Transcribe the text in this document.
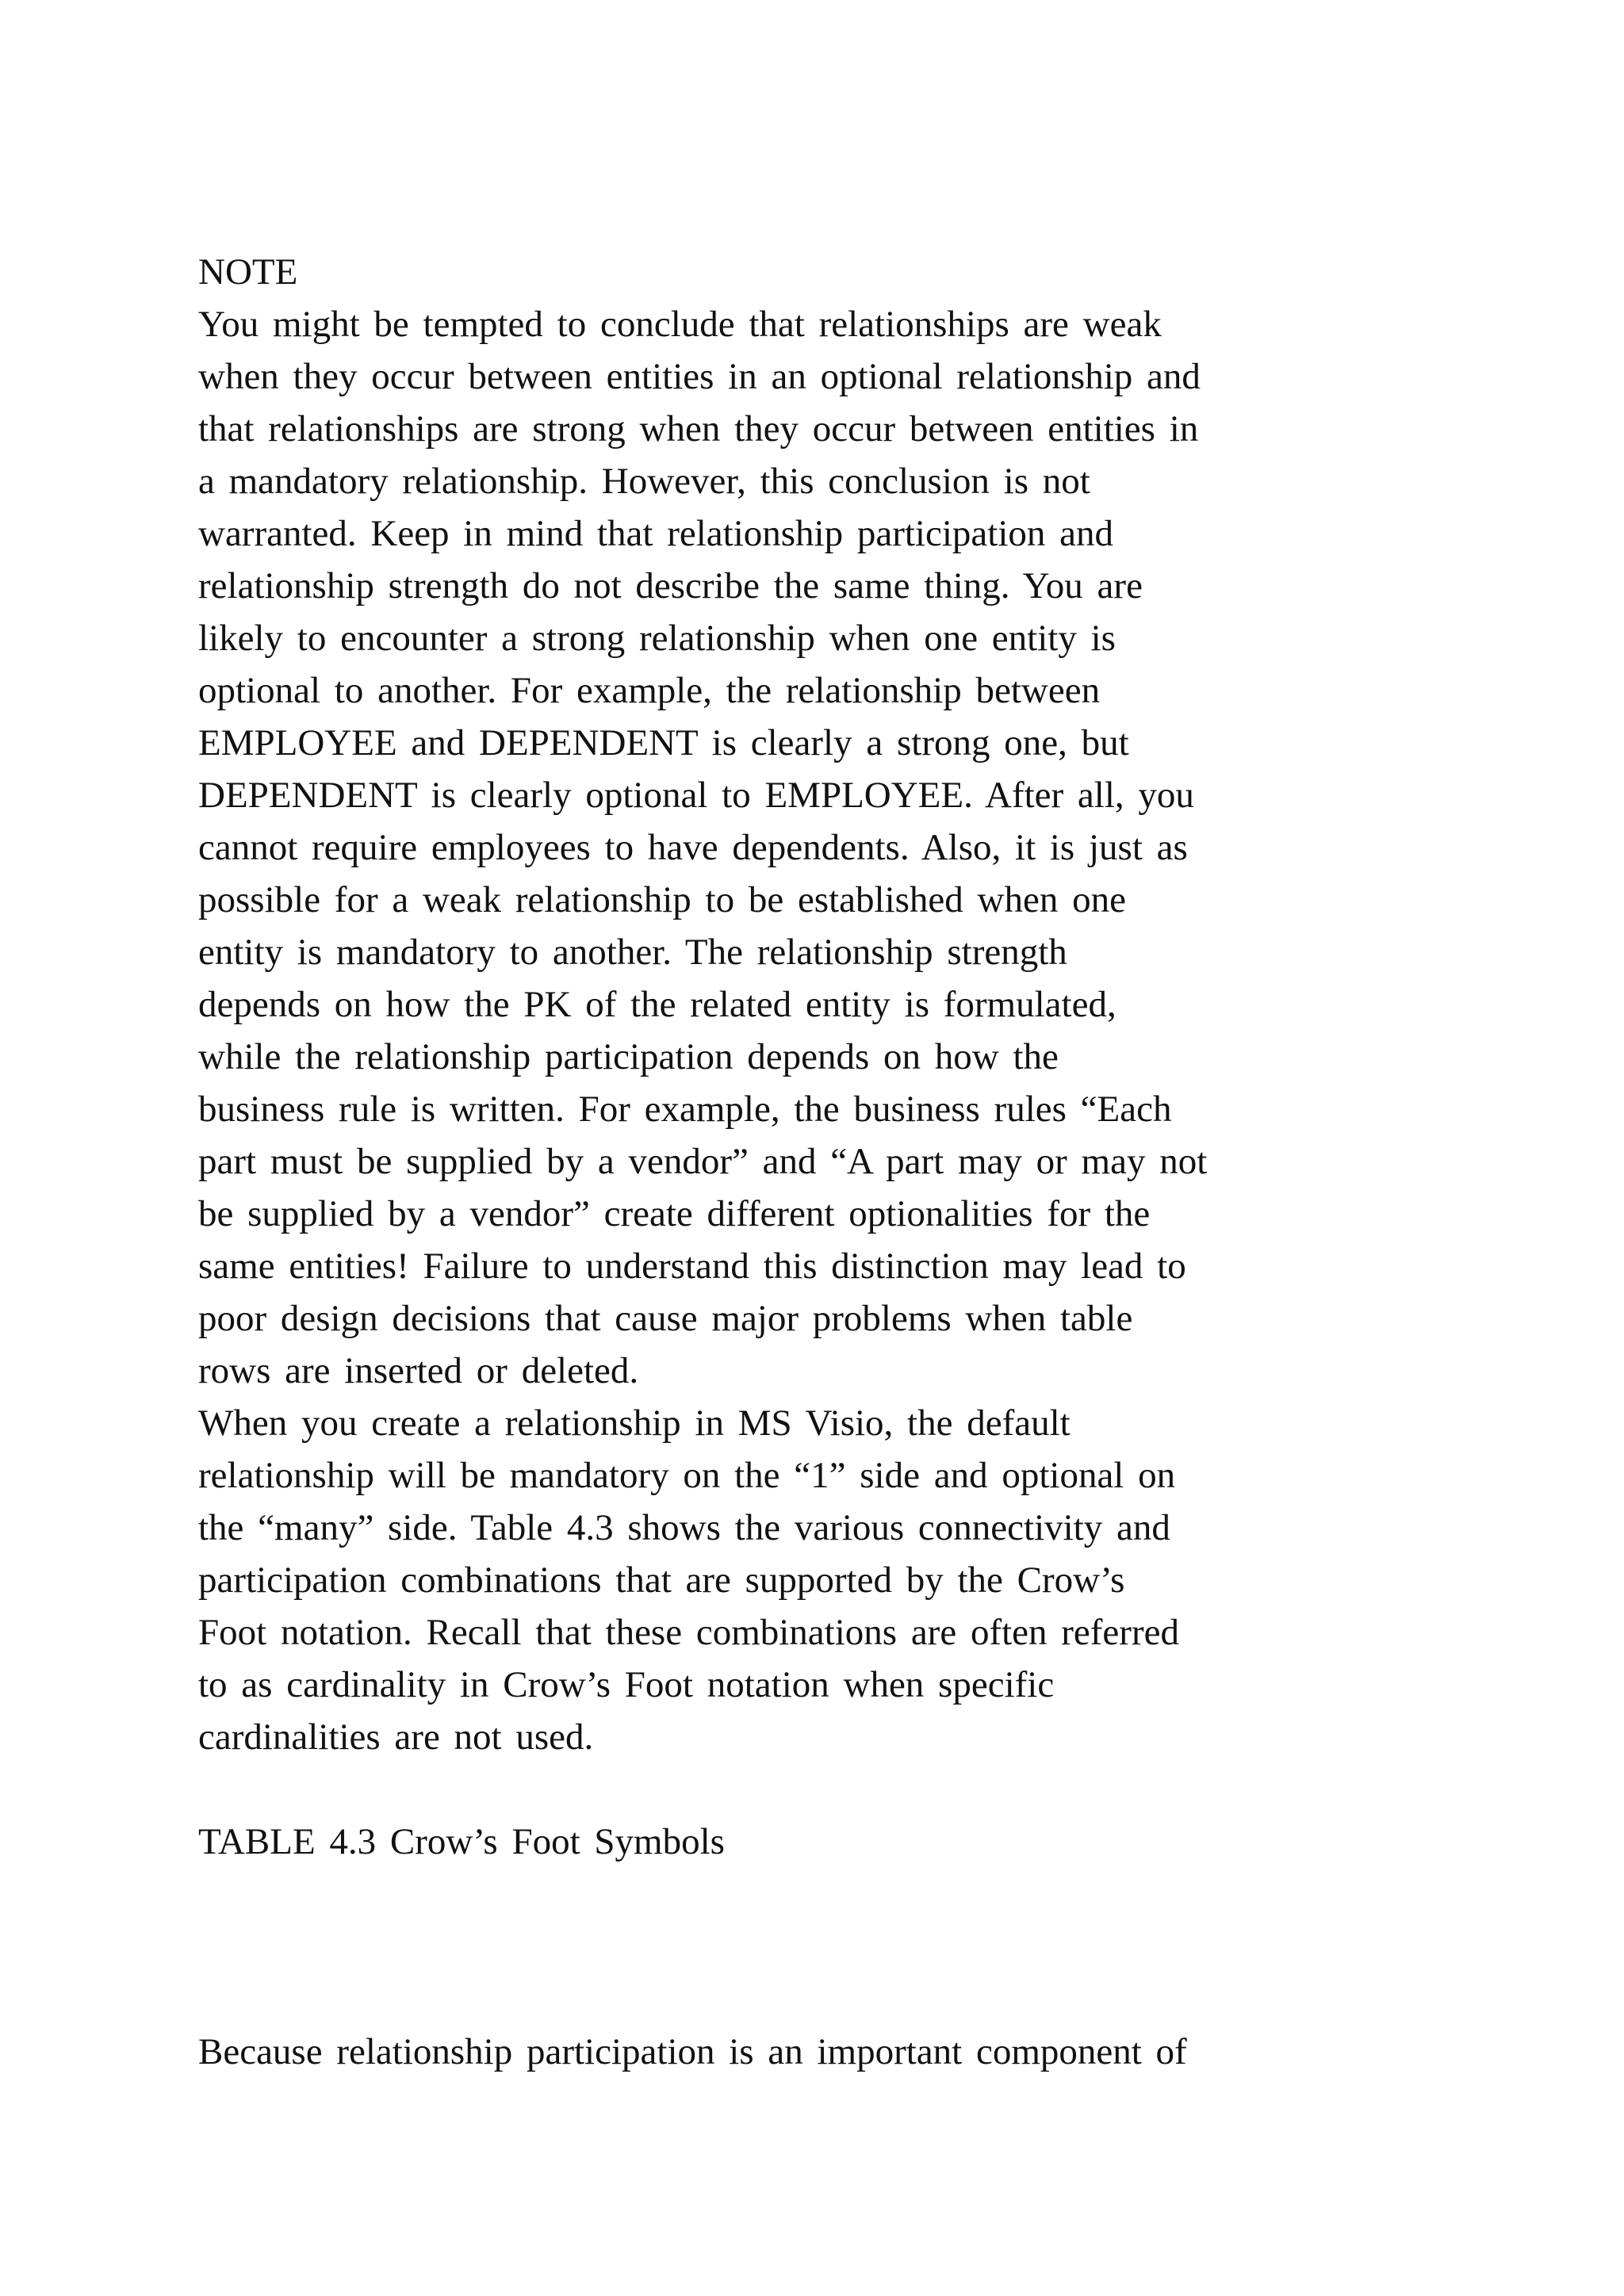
NOTE
You might be tempted to conclude that relationships are weak
when they occur between entities in an optional relationship and
that relationships are strong when they occur between entities in
a mandatory relationship. However, this conclusion is not
warranted. Keep in mind that relationship participation and
relationship strength do not describe the same thing. You are
likely to encounter a strong relationship when one entity is
optional to another. For example, the relationship between
EMPLOYEE and DEPENDENT is clearly a strong one, but
DEPENDENT is clearly optional to EMPLOYEE. After all, you
cannot require employees to have dependents. Also, it is just as
possible for a weak relationship to be established when one
entity is mandatory to another. The relationship strength
depends on how the PK of the related entity is formulated,
while the relationship participation depends on how the
business rule is written. For example, the business rules “Each
part must be supplied by a vendor” and “A part may or may not
be supplied by a vendor” create different optionalities for the
same entities! Failure to understand this distinction may lead to
poor design decisions that cause major problems when table
rows are inserted or deleted.
When you create a relationship in MS Visio, the default
relationship will be mandatory on the “1” side and optional on
the “many” side. Table 4.3 shows the various connectivity and
participation combinations that are supported by the Crow’s
Foot notation. Recall that these combinations are often referred
to as cardinality in Crow’s Foot notation when specific
cardinalities are not used.
TABLE 4.3 Crow’s Foot Symbols
Because relationship participation is an important component of
